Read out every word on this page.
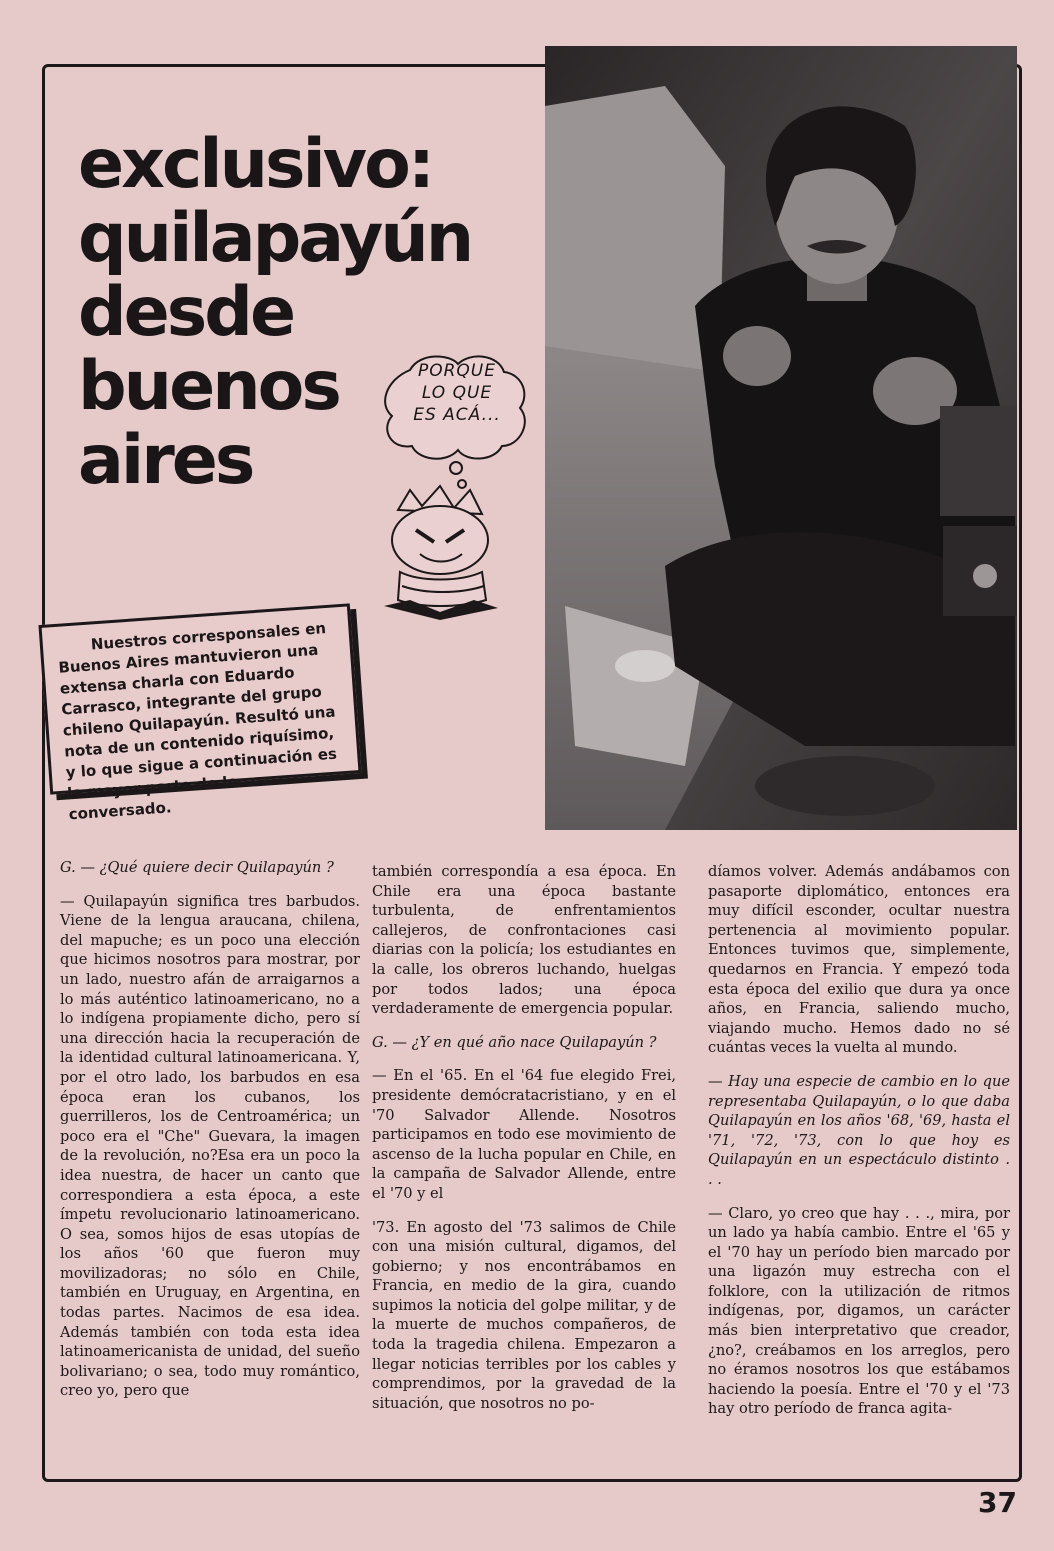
exclusivo:
quilapayún
desde
buenos
aires
PORQUE
LO QUE
ES ACÁ...

Nuestros corresponsales en Buenos Aires mantuvieron una extensa charla con Eduardo Carrasco, integrante del grupo chileno Quilapayún. Resultó una nota de un contenido riquísimo, y lo que sigue a continuación es la mayor parte de lo conversado.

G. — ¿Qué quiere decir Quilapayún ?

— Quilapayún significa tres barbudos. Viene de la lengua araucana, chilena, del mapuche; es un poco una elección que hicimos nosotros para mostrar, por un lado, nuestro afán de arraigarnos a lo más auténtico latinoamericano, no a lo indígena propiamente dicho, pero sí una dirección hacia la recuperación de la identidad cultural latinoamericana. Y, por el otro lado, los barbudos en esa época eran los cubanos, los guerrilleros, los de Centroamérica; un poco era el "Che" Guevara, la imagen de la revolución, no?Esa era un poco la idea nuestra, de hacer un canto que correspondiera a esta época, a este ímpetu revolucionario latinoamericano. O sea, somos hijos de esas utopías de los años '60 que fueron muy movilizadoras; no sólo en Chile, también en Uruguay, en Argentina, en todas partes. Nacimos de esa idea. Además también con toda esta idea latinoamericanista de unidad, del sueño bolivariano; o sea, todo muy romántico, creo yo, pero que

también correspondía a esa época. En Chile era una época bastante turbulenta, de enfrentamientos callejeros, de confrontaciones casi diarias con la policía; los estudiantes en la calle, los obreros luchando, huelgas por todos lados; una época verdaderamente de emergencia popular.

G. — ¿Y en qué año nace Quilapayún ?

— En el '65. En el '64 fue elegido Frei, presidente demócratacristiano, y en el '70 Salvador Allende. Nosotros participamos en todo ese movimiento de ascenso de la lucha popular en Chile, en la campaña de Salvador Allende, entre el '70 y el

'73. En agosto del '73 salimos de Chile con una misión cultural, digamos, del gobierno; y nos encontrábamos en Francia, en medio de la gira, cuando supimos la noticia del golpe militar, y de la muerte de muchos compañeros, de toda la tragedia chilena. Empezaron a llegar noticias terribles por los cables y comprendimos, por la gravedad de la situación, que nosotros no po-

díamos volver. Además andábamos con pasaporte diplomático, entonces era muy difícil esconder, ocultar nuestra pertenencia al movimiento popular. Entonces tuvimos que, simplemente, quedarnos en Francia. Y empezó toda esta época del exilio que dura ya once años, en Francia, saliendo mucho, viajando mucho. Hemos dado no sé cuántas veces la vuelta al mundo.

— Hay una especie de cambio en lo que representaba Quilapayún, o lo que daba Quilapayún en los años '68, '69, hasta el '71, '72, '73, con lo que hoy es Quilapayún en un espectáculo distinto . . .

— Claro, yo creo que hay . . ., mira, por un lado ya había cambio. Entre el '65 y el '70 hay un período bien marcado por una ligazón muy estrecha con el folklore, con la utilización de ritmos indígenas, por, digamos, un carácter más bien interpretativo que creador, ¿no?, creábamos en los arreglos, pero no éramos nosotros los que estábamos haciendo la poesía. Entre el '70 y el '73 hay otro período de franca agita-

37
